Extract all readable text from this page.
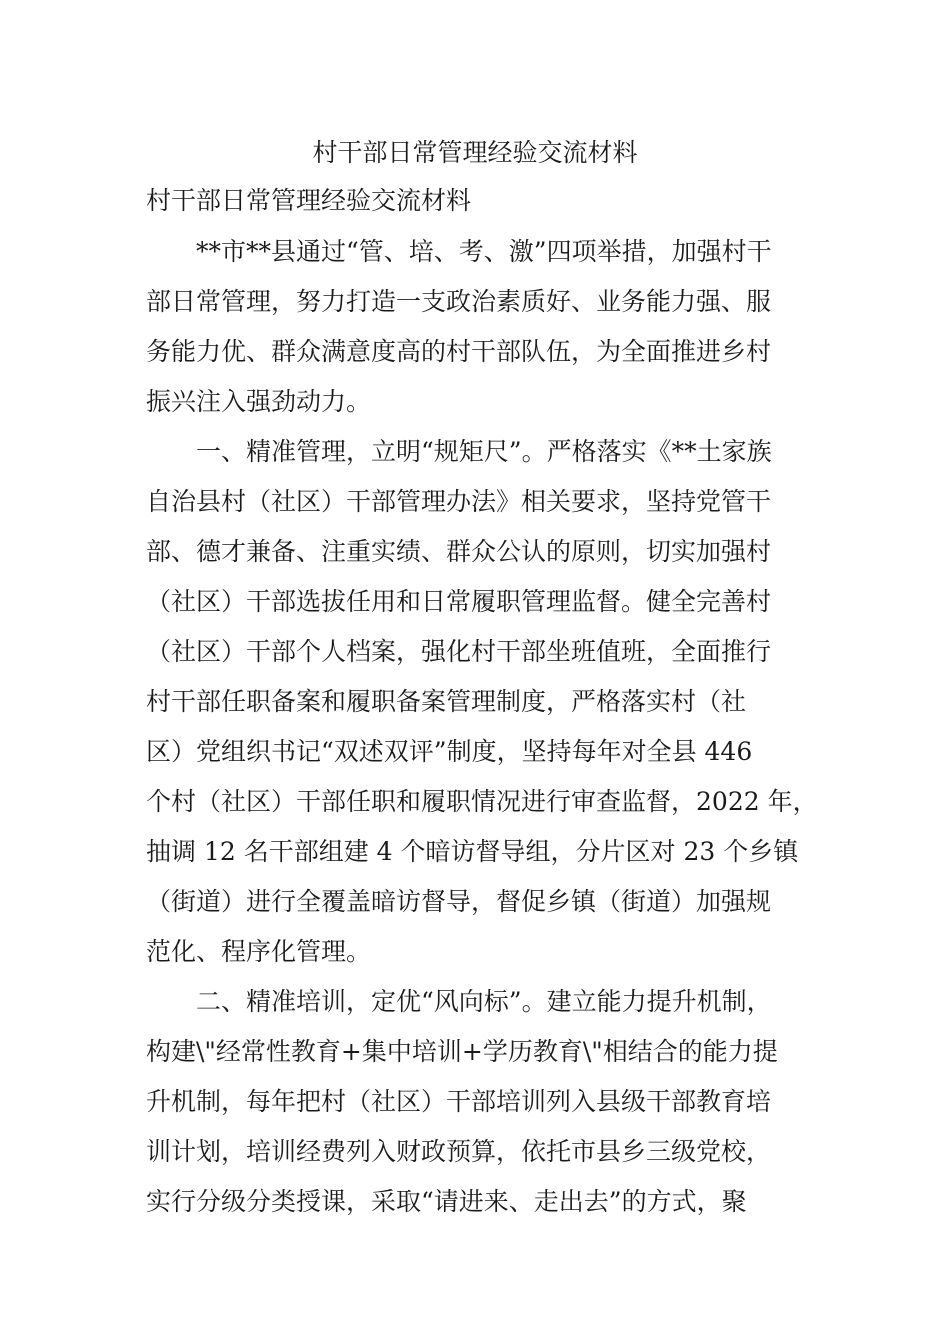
村干部日常管理经验交流材料
村干部日常管理经验交流材料
　　**市**县通过“管、培、考、激”四项举措，加强村干
部日常管理，努力打造一支政治素质好、业务能力强、服
务能力优、群众满意度高的村干部队伍，为全面推进乡村
振兴注入强劲动力。
　　一、精准管理，立明“规矩尺”。严格落实《**土家族
自治县村（社区）干部管理办法》相关要求，坚持党管干
部、德才兼备、注重实绩、群众公认的原则，切实加强村
（社区）干部选拔任用和日常履职管理监督。健全完善村
（社区）干部个人档案，强化村干部坐班值班，全面推行
村干部任职备案和履职备案管理制度，严格落实村（社
区）党组织书记“双述双评”制度，坚持每年对全县 446
个村（社区）干部任职和履职情况进行审查监督，2022 年，
抽调 12 名干部组建 4 个暗访督导组，分片区对 23 个乡镇
（街道）进行全覆盖暗访督导，督促乡镇（街道）加强规
范化、程序化管理。
　　二、精准培训，定优“风向标”。建立能力提升机制，
构建\"经常性教育+集中培训+学历教育\"相结合的能力提
升机制，每年把村（社区）干部培训列入县级干部教育培
训计划，培训经费列入财政预算，依托市县乡三级党校，
实行分级分类授课，采取“请进来、走出去”的方式，聚
